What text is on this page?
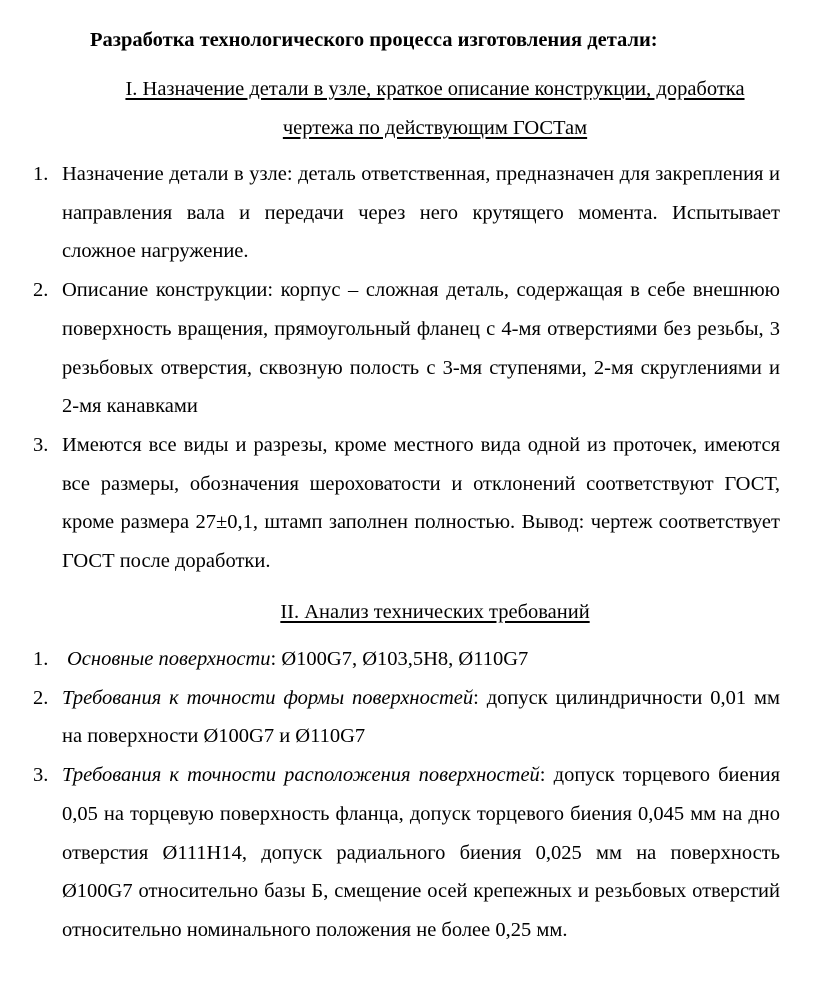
Разработка технологического процесса изготовления детали:
I. Назначение детали в узле, краткое описание конструкции, доработка
чертежа по действующим ГОСТам
1. Назначение детали в узле: деталь ответственная, предназначен для закрепления и направления вала и передачи через него крутящего момента. Испытывает сложное нагружение.
2. Описание конструкции: корпус – сложная деталь, содержащая в себе внешнюю поверхность вращения, прямоугольный фланец с 4-мя отверстиями без резьбы, 3 резьбовых отверстия, сквозную полость с 3-мя ступенями, 2-мя скруглениями и 2-мя канавками
3. Имеются все виды и разрезы, кроме местного вида одной из проточек, имеются все размеры, обозначения шероховатости и отклонений соответствуют ГОСТ, кроме размера 27±0,1, штамп заполнен полностью. Вывод: чертеж соответствует ГОСТ после доработки.
II. Анализ технических требований
1. Основные поверхности: Ø100G7, Ø103,5H8, Ø110G7
2. Требования к точности формы поверхностей: допуск цилиндричности 0,01 мм на поверхности Ø100G7 и Ø110G7
3. Требования к точности расположения поверхностей: допуск торцевого биения 0,05 на торцевую поверхность фланца, допуск торцевого биения 0,045 мм на дно отверстия Ø111H14, допуск радиального биения 0,025 мм на поверхность Ø100G7 относительно базы Б, смещение осей крепежных и резьбовых отверстий относительно номинального положения не более 0,25 мм.
